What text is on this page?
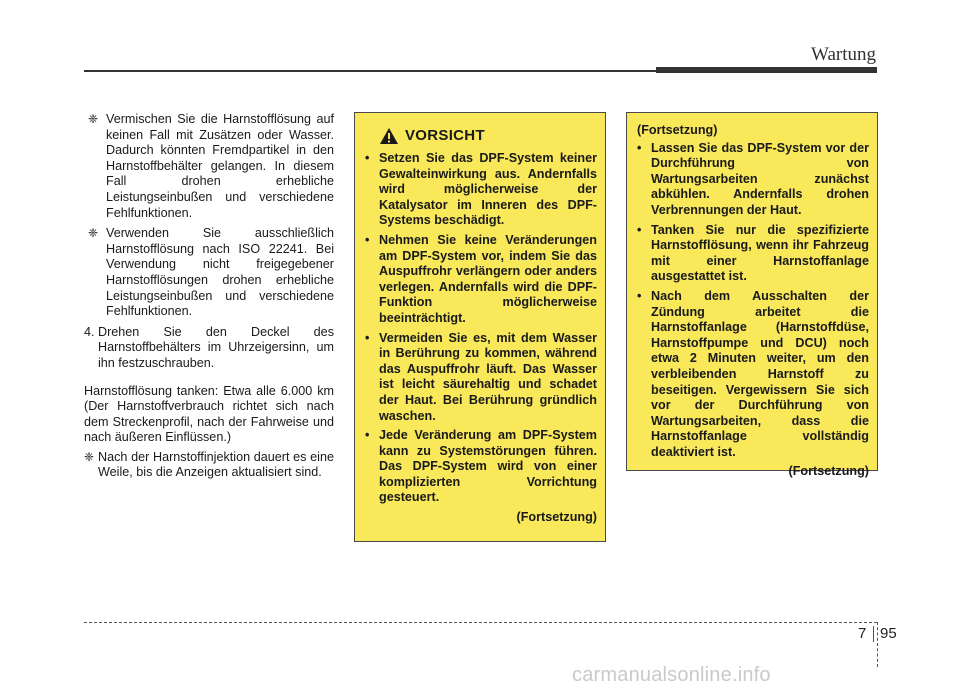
Wartung
❈ Vermischen Sie die Harnstofflösung auf keinen Fall mit Zusätzen oder Wasser. Dadurch könnten Fremdpartikel in den Harnstoffbehälter gelangen. In diesem Fall drohen erhebliche Leistungseinbußen und verschiedene Fehlfunktionen.
❈ Verwenden Sie ausschließlich Harnstofflösung nach ISO 22241. Bei Verwendung nicht freigegebener Harnstofflösungen drohen erhebliche Leistungseinbußen und verschiedene Fehlfunktionen.
4. Drehen Sie den Deckel des Harnstoffbehälters im Uhrzeigersinn, um ihn festzuschrauben.

Harnstofflösung tanken: Etwa alle 6.000 km (Der Harnstoffverbrauch richtet sich nach dem Streckenprofil, nach der Fahrweise und nach äußeren Einflüssen.)

❈ Nach der Harnstoffinjektion dauert es eine Weile, bis die Anzeigen aktualisiert sind.
VORSICHT
• Setzen Sie das DPF-System keiner Gewalteinwirkung aus. Andernfalls wird möglicherweise der Katalysator im Inneren des DPF-Systems beschädigt.
• Nehmen Sie keine Veränderungen am DPF-System vor, indem Sie das Auspuffrohr verlängern oder anders verlegen. Andernfalls wird die DPF-Funktion möglicherweise beeinträchtigt.
• Vermeiden Sie es, mit dem Wasser in Berührung zu kommen, während das Auspuffrohr läuft. Das Wasser ist leicht säurehaltig und schadet der Haut. Bei Berührung gründlich waschen.
• Jede Veränderung am DPF-System kann zu Systemstörungen führen. Das DPF-System wird von einer komplizierten Vorrichtung gesteuert.
(Fortsetzung)
(Fortsetzung)
• Lassen Sie das DPF-System vor der Durchführung von Wartungsarbeiten zunächst abkühlen. Andernfalls drohen Verbrennungen der Haut.
• Tanken Sie nur die spezifizierte Harnstofflösung, wenn ihr Fahrzeug mit einer Harnstoffanlage ausgestattet ist.
• Nach dem Ausschalten der Zündung arbeitet die Harnstoffanlage (Harnstoffdüse, Harnstoffpumpe und DCU) noch etwa 2 Minuten weiter, um den verbleibenden Harnstoff zu beseitigen. Vergewissern Sie sich vor der Durchführung von Wartungsarbeiten, dass die Harnstoffanlage vollständig deaktiviert ist.
(Fortsetzung)
7 95
carmanualsonline.info
